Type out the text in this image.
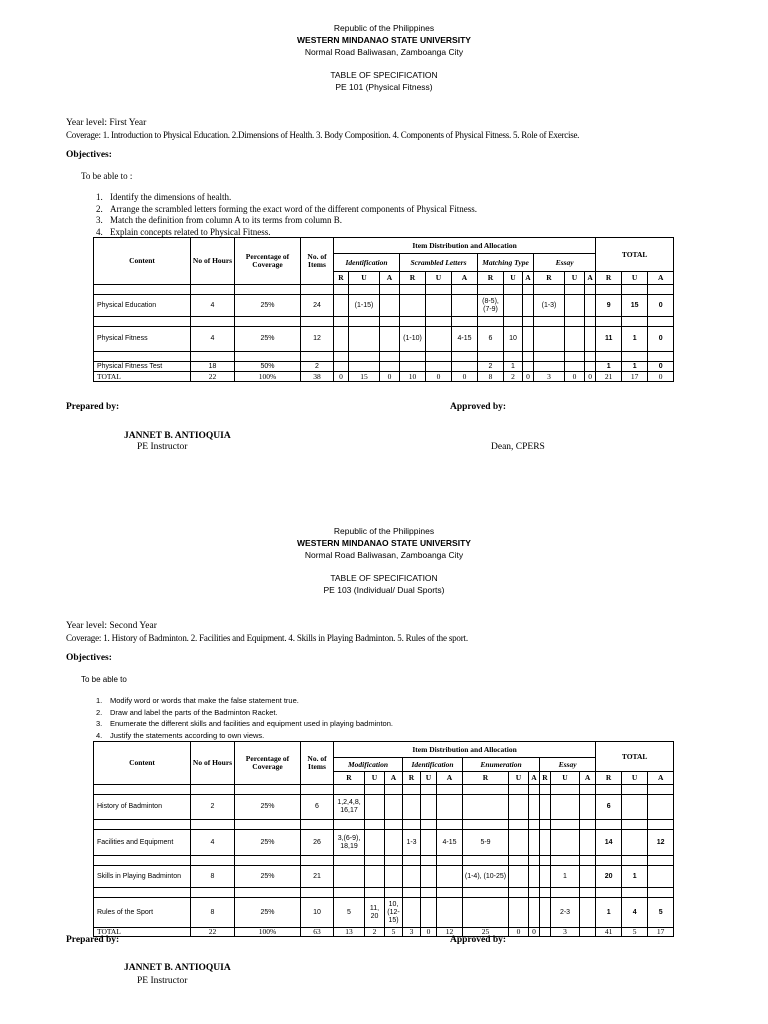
Republic of the Philippines
WESTERN MINDANAO STATE UNIVERSITY
Normal Road Baliwasan, Zamboanga City
TABLE OF SPECIFICATION
PE 101 (Physical Fitness)
Year level: First Year
Coverage: 1. Introduction to Physical Education. 2.Dimensions of Health. 3. Body Composition. 4. Components of Physical Fitness. 5. Role of Exercise.
Objectives:
To be able to :
1. Identify the dimensions of health.
2. Arrange the scrambled letters forming the exact word of the different components of Physical Fitness.
3. Match the definition from column A to its terms from column B.
4. Explain concepts related to Physical Fitness.
Content	No of Hours	Percentage of Coverage	No. of Items	Item Distribution and Allocation												TOTAL		
				Identification			Scrambled Letters			Matching Type			Essay					
				R	U	A	R	U	A	R	U	A	R	U	A	R	U	A

Physical Education	4	25%	24		(1-15)					(8-5), (7-9)			(1-3)			9	15	0

Physical Fitness	4	25%	12				(1-10)		4-15	6	10					11	1	0

Physical Fitness Test	18	50%	2							2	1					1	1	0
TOTAL	22	100%	38	0	15	0	10	0	0	8	2	0	3	0	0	21	17	0
Prepared by:	Approved by:
JANNET B. ANTIOQUIA
PE Instructor	Dean, CPERS
Republic of the Philippines
WESTERN MINDANAO STATE UNIVERSITY
Normal Road Baliwasan, Zamboanga City
TABLE OF SPECIFICATION
PE 103 (Individual/ Dual Sports)
Year level: Second Year
Coverage: 1. History of Badminton. 2. Facilities and Equipment. 4. Skills in Playing Badminton. 5. Rules of the sport.
Objectives:
To be able to
1. Modify word or words that make the false statement true.
2. Draw and label the parts of the Badminton Racket.
3. Enumerate the different skills and facilities and equipment used in playing badminton.
4. Justify the statements according to own views.
Content	No of Hours	Percentage of Coverage	No. of Items	Item Distribution and Allocation												TOTAL		
				Modification			Identification			Enumeration			Essay					
				R	U	A	R	U	A	R	U	A	R	U	A	R	U	A

History of Badminton	2	25%	6	1,2,4,8, 16,17												6		

Facilities and Equipment	4	25%	26	3,(6-9), 18,19			1-3		4-15	5-9						14		12

Skills in Playing Badminton	8	25%	21							(1-4), (10-25)				1		20	1	

Rules of the Sport	8	25%	10	5	11, 20	10, (12-15)								2-3		1	4	5
TOTAL	22	100%	63	13	2	5	3	0	12	25	0	0		3		41	5	17
Prepared by:	Approved by:
JANNET B. ANTIOQUIA
PE Instructor
